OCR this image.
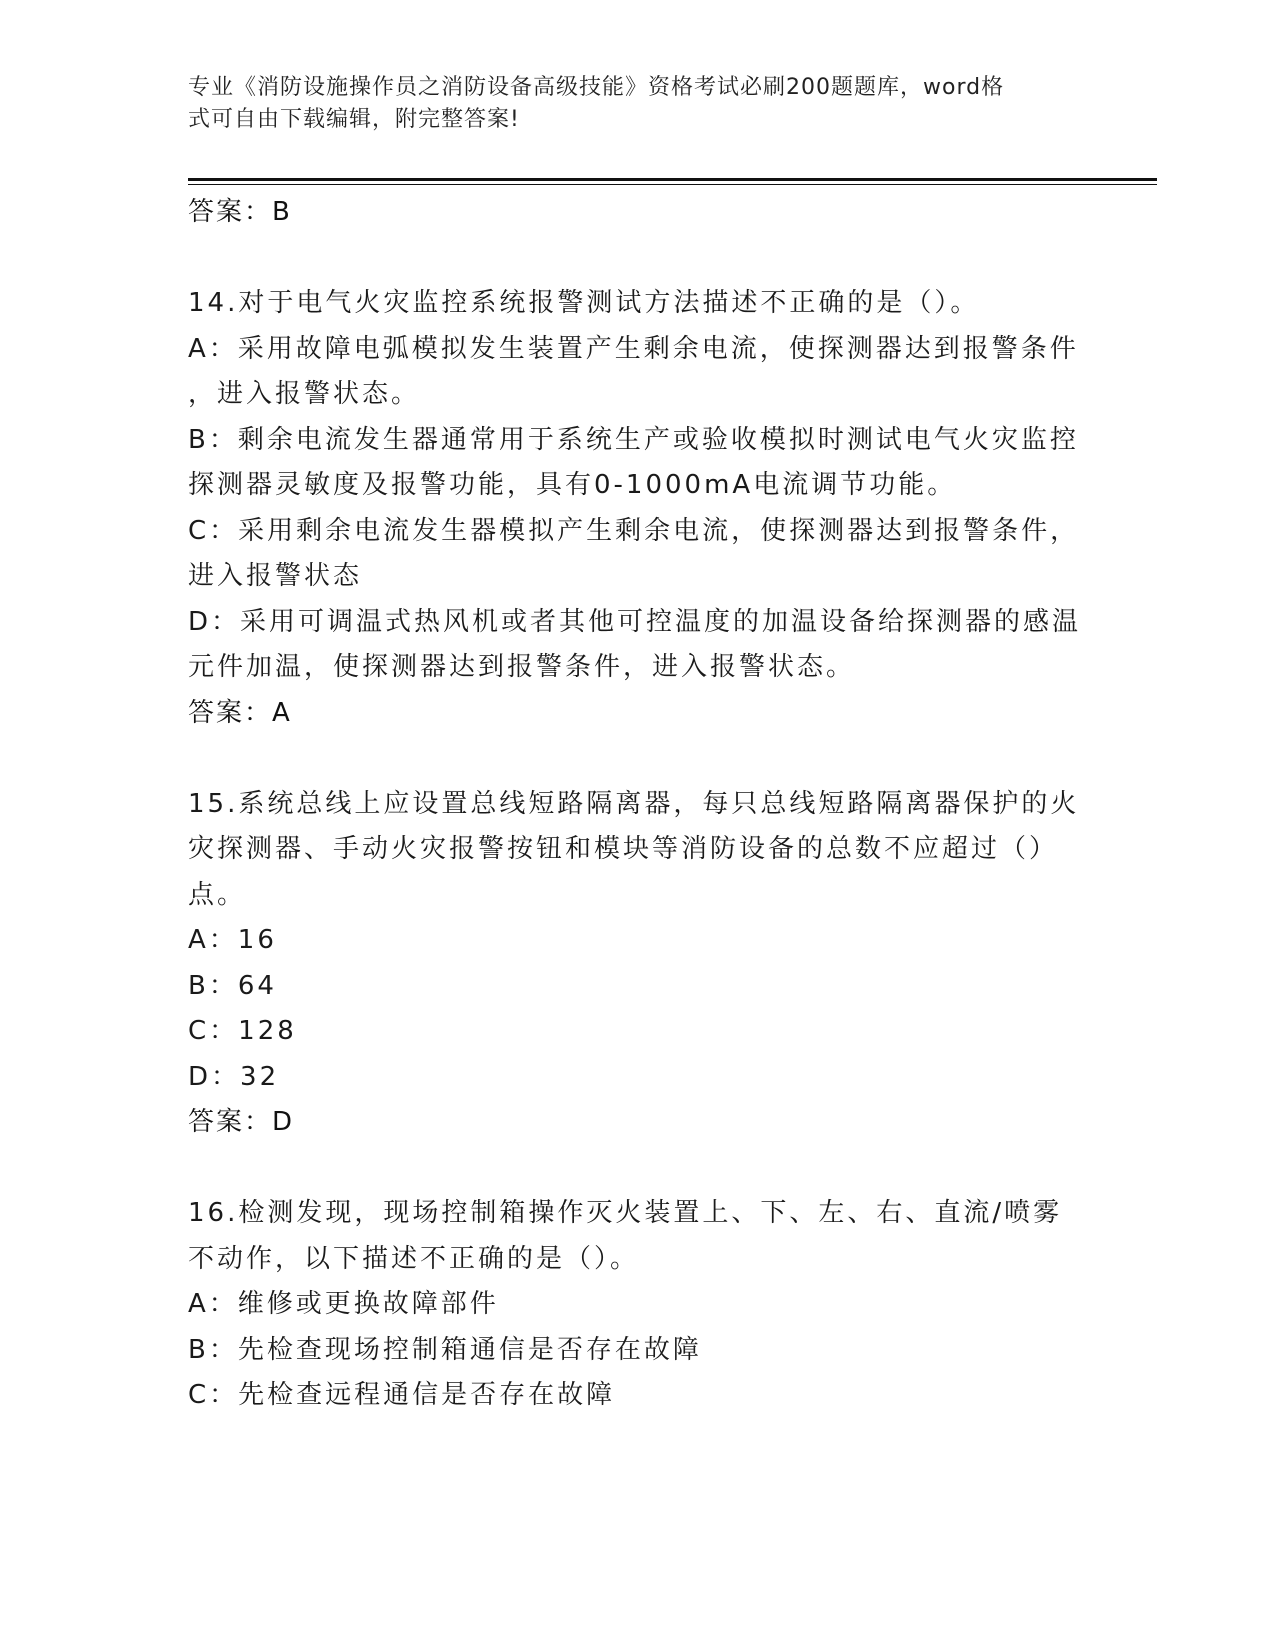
专业《消防设施操作员之消防设备高级技能》资格考试必刷200题题库，word格
式可自由下载编辑，附完整答案!
答案：B
14.对于电气火灾监控系统报警测试方法描述不正确的是（）。
A：采用故障电弧模拟发生装置产生剩余电流，使探测器达到报警条件
，进入报警状态。
B：剩余电流发生器通常用于系统生产或验收模拟时测试电气火灾监控
探测器灵敏度及报警功能，具有0-1000mA电流调节功能。
C：采用剩余电流发生器模拟产生剩余电流，使探测器达到报警条件，
进入报警状态
D：采用可调温式热风机或者其他可控温度的加温设备给探测器的感温
元件加温，使探测器达到报警条件，进入报警状态。
答案：A
15.系统总线上应设置总线短路隔离器，每只总线短路隔离器保护的火
灾探测器、手动火灾报警按钮和模块等消防设备的总数不应超过（）
点。
A：16
B：64
C：128
D：32
答案：D
16.检测发现，现场控制箱操作灭火装置上、下、左、右、直流/喷雾
不动作，以下描述不正确的是（）。
A：维修或更换故障部件
B：先检查现场控制箱通信是否存在故障
C：先检查远程通信是否存在故障
